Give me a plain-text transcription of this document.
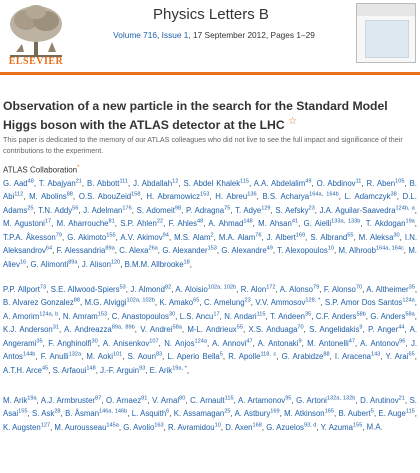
ELSEVIER
Physics Letters B
Volume 716, Issue 1, 17 September 2012, Pages 1–29
Observation of a new particle in the search for the Standard Model Higgs boson with the ATLAS detector at the LHC ☆
This paper is dedicated to the memory of our ATLAS colleagues who did not live to see the full impact and significance of their contributions to the experiment.
ATLAS Collaboration*
G. Aad$^{48}$, T. Abajyan$^{21}$, B. Abbott$^{111}$, J. Abdallah$^{12}$, S. Abdel Khalek$^{115}$, A.A. Abdelalim$^{49}$, O. Abdinov$^{11}$, R. Aben$^{105}$, B. Abi$^{112}$, M. Abolins$^{88}$, O.S. AbouZeid$^{158}$, H. Abramowicz$^{153}$, H. Abreu$^{136}$, B.S. Acharya$^{164a, 164b}$, L. Adamczyk$^{38}$, D.L. Adams$^{25}$, T.N. Addy$^{56}$, J. Adelman$^{176}$, S. Adomeit$^{98}$, P. Adragna$^{75}$, T. Adye$^{129}$, S. Aefsky$^{23}$, J.A. Aguilar-Saavedra$^{124b, a}$, M. Agustoni$^{17}$, M. Aharrouche$^{81}$, S.P. Ahlen$^{22}$, F. Ahles$^{48}$, A. Ahmad$^{148}$, M. Ahsan$^{41}$, G. Aielli$^{133a, 133b}$, T. Akdogan$^{19a}$, T.P.A. Åkesson$^{79}$, G. Akimoto$^{155}$, A.V. Akimov$^{94}$, M.S. Alam$^2$, M.A. Alam$^{76}$, J. Albert$^{169}$, S. Albrand$^{55}$, M. Aleksa$^{30}$, I.N. Aleksandrov$^{64}$, F. Alessandria$^{89a}$, C. Alexa$^{26a}$, G. Alexander$^{153}$, G. Alexandre$^{49}$, T. Alexopoulos$^{10}$, M. Alhroob$^{164a, 164c}$, M. Aliev$^{16}$, G. Alimonti$^{89a}$, J. Alison$^{120}$, B.M.M. Allbrooke$^{18}$,
P.P. Allport$^{73}$, S.E. Allwood-Spiers$^{53}$, J. Almond$^{82}$, A. Aloisio$^{102a, 102b}$, R. Alon$^{172}$, A. Alonso$^{79}$, F. Alonso$^{70}$, A. Altheimer$^{35}$, B. Alvarez Gonzalez$^{88}$, M.G. Alviggi$^{102a, 102b}$, K. Amako$^{65}$, C. Amelung$^{23}$, V.V. Ammosov$^{128, *}$, S.P. Amor Dos Santos$^{124a}$, A. Amorim$^{124a, b}$, N. Amram$^{153}$, C. Anastopoulos$^{30}$, L.S. Ancu$^{17}$, N. Andari$^{115}$, T. Andeen$^{35}$, C.F. Anders$^{58b}$, G. Anders$^{58a}$, K.J. Anderson$^{31}$, A. Andreazza$^{89a, 89b}$, V. Andrei$^{58a}$, M-L. Andrieux$^{55}$, X.S. Anduaga$^{70}$, S. Angelidakis$^9$, P. Anger$^{44}$, A. Angerami$^{35}$, F. Anghinolfi$^{30}$, A. Anisenkov$^{107}$, N. Anjos$^{124a}$, A. Annovi$^{47}$, A. Antonaki$^9$, M. Antonelli$^{47}$, A. Antonov$^{96}$, J. Antos$^{144b}$, F. Anulli$^{132a}$, M. Aoki$^{101}$, S. Aoun$^{83}$, L. Aperio Bella$^5$, R. Apolle$^{118, c}$, G. Arabidze$^{88}$, I. Aracena$^{143}$, Y. Arai$^{65}$, A.T.H. Arce$^{45}$, S. Arfaoui$^{148}$, J.-F. Arguin$^{93}$, E. Arik$^{19a, *}$,
M. Arik$^{19a}$, A.J. Armbruster$^{87}$, O. Arnaez$^{81}$, V. Arnal$^{80}$, C. Arnault$^{115}$, A. Artamonov$^{95}$, G. Artoni$^{132a, 132b}$, D. Arutinov$^{21}$, S. Asai$^{155}$, S. Ask$^{28}$, B. Åsman$^{146a, 146b}$, L. Asquith$^6$, K. Assamagan$^{25}$, A. Astbury$^{169}$, M. Atkinson$^{165}$, B. Aubert$^5$, E. Auge$^{115}$, K. Augsten$^{127}$, M. Aurousseau$^{145a}$, G. Avolio$^{163}$, R. Avramidou$^{10}$, D. Axen$^{168}$, G. Azuelos$^{93, d}$, Y. Azuma$^{155}$, M.A.
